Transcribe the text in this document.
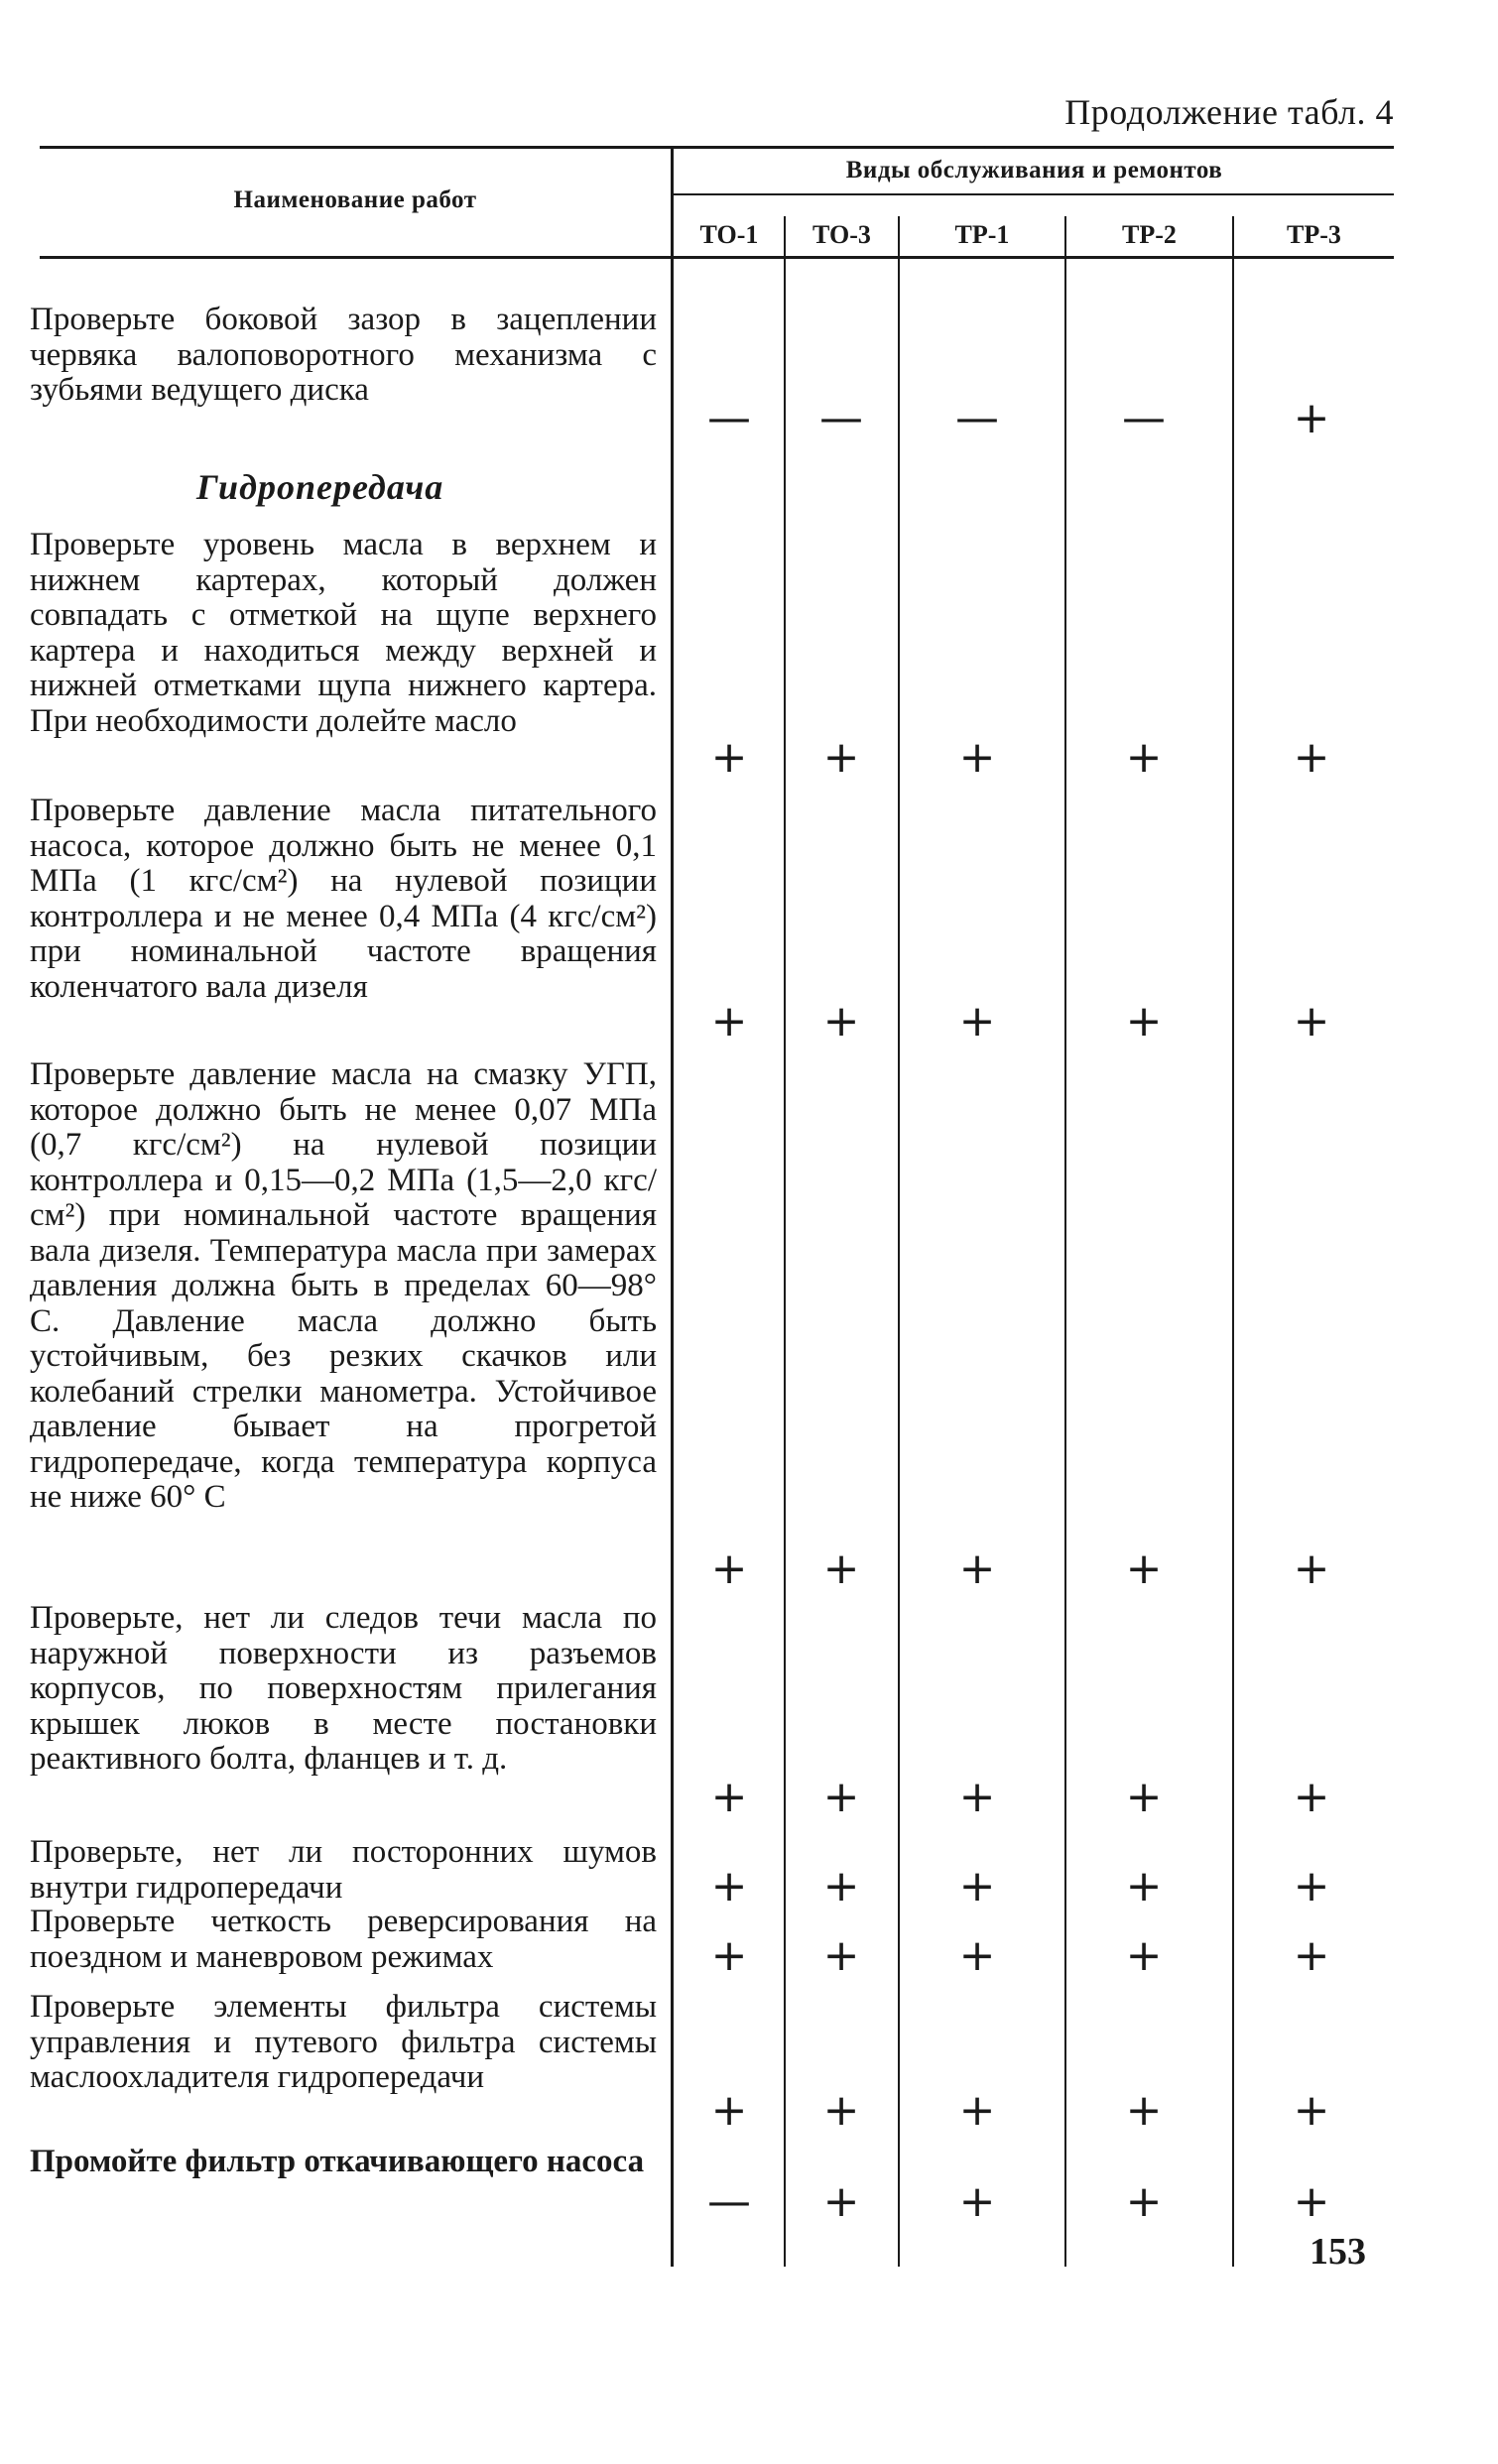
Продолжение табл. 4
Наименование работ
Виды обслуживания и ремонтов
ТО-1	ТО-3	ТР-1	ТР-2	ТР-3
Гидропередача
Проверьте боковой зазор в зацеплении червяка валоповоротного механизма с зубьями ведущего диска
—	—	—	—	+
Проверьте уровень масла в верхнем и нижнем картерах, который должен совпадать с отметкой на щупе верхнего картера и находиться между верхней и нижней отметками щупа нижнего картера. При необходимости долейте масло
+	+	+	+	+
Проверьте давление масла питательного насоса, которое должно быть не менее 0,1 МПа (1 кгс/см²) на нулевой позиции контроллера и не менее 0,4 МПа (4 кгс/см²) при номинальной частоте вращения коленчатого вала дизеля
+	+	+	+	+
Проверьте давление масла на смазку УГП, которое должно быть не менее 0,07 МПа (0,7 кгс/см²) на нулевой позиции контроллера и 0,15—0,2 МПа (1,5—2,0 кгс/см²) при номинальной частоте вращения вала дизеля. Температура масла при замерах давления должна быть в пределах 60—98° С. Давление масла должно быть устойчивым, без резких скачков или колебаний стрелки манометра. Устойчивое давление бывает на прогретой гидропередаче, когда температура корпуса не ниже 60° С
+	+	+	+	+
Проверьте, нет ли следов течи масла по наружной поверхности из разъемов корпусов, по поверхностям прилегания крышек люков в месте постановки реактивного болта, фланцев и т. д.
+	+	+	+	+
Проверьте, нет ли посторонних шумов внутри гидропередачи	+	+	+	+	+
Проверьте четкость реверсирования на поездном и маневровом режимах	+	+	+	+	+
Проверьте элементы фильтра системы управления и путевого фильтра системы маслоохладителя гидропередачи
+	+	+	+	+
Промойте фильтр откачивающего насоса
—	+	+	+	+
153
